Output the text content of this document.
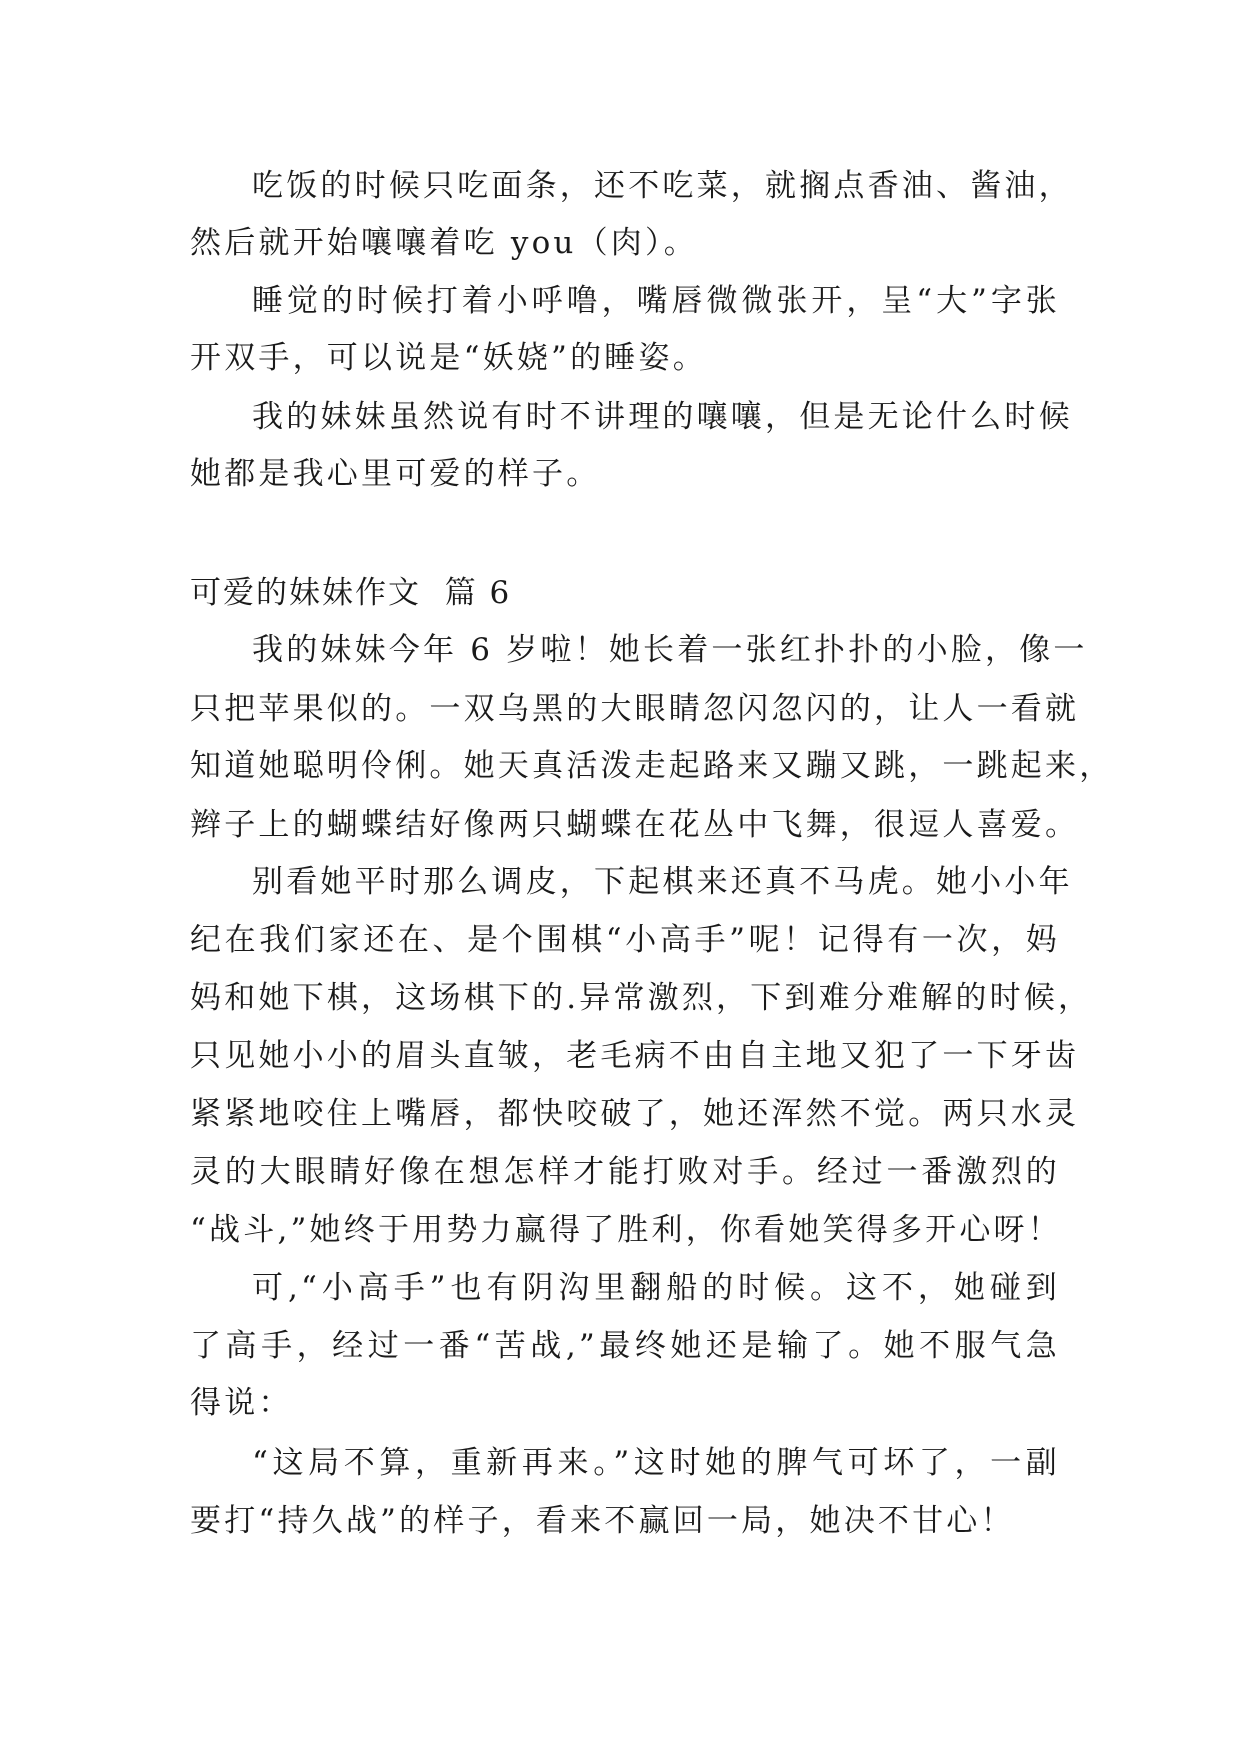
吃饭的时候只吃面条，还不吃菜，就搁点香油、酱油，
然后就开始嚷嚷着吃 you（肉）。
睡觉的时候打着小呼噜，嘴唇微微张开，呈“大”字张
开双手，可以说是“妖娆”的睡姿。
我的妹妹虽然说有时不讲理的嚷嚷，但是无论什么时候
她都是我心里可爱的样子。
可爱的妹妹作文  篇 6
我的妹妹今年 6 岁啦！她长着一张红扑扑的小脸，像一
只把苹果似的。一双乌黑的大眼睛忽闪忽闪的，让人一看就
知道她聪明伶俐。她天真活泼走起路来又蹦又跳，一跳起来，
辫子上的蝴蝶结好像两只蝴蝶在花丛中飞舞，很逗人喜爱。
别看她平时那么调皮，下起棋来还真不马虎。她小小年
纪在我们家还在、是个围棋“小高手”呢！记得有一次，妈
妈和她下棋，这场棋下的.异常激烈，下到难分难解的时候，
只见她小小的眉头直皱，老毛病不由自主地又犯了一下牙齿
紧紧地咬住上嘴唇，都快咬破了，她还浑然不觉。两只水灵
灵的大眼睛好像在想怎样才能打败对手。经过一番激烈的
“战斗,”她终于用势力赢得了胜利，你看她笑得多开心呀！
可,“小高手”也有阴沟里翻船的时候。这不，她碰到
了高手，经过一番“苦战,”最终她还是输了。她不服气急
得说：
“这局不算，重新再来。”这时她的脾气可坏了，一副
要打“持久战”的样子，看来不赢回一局，她决不甘心！
